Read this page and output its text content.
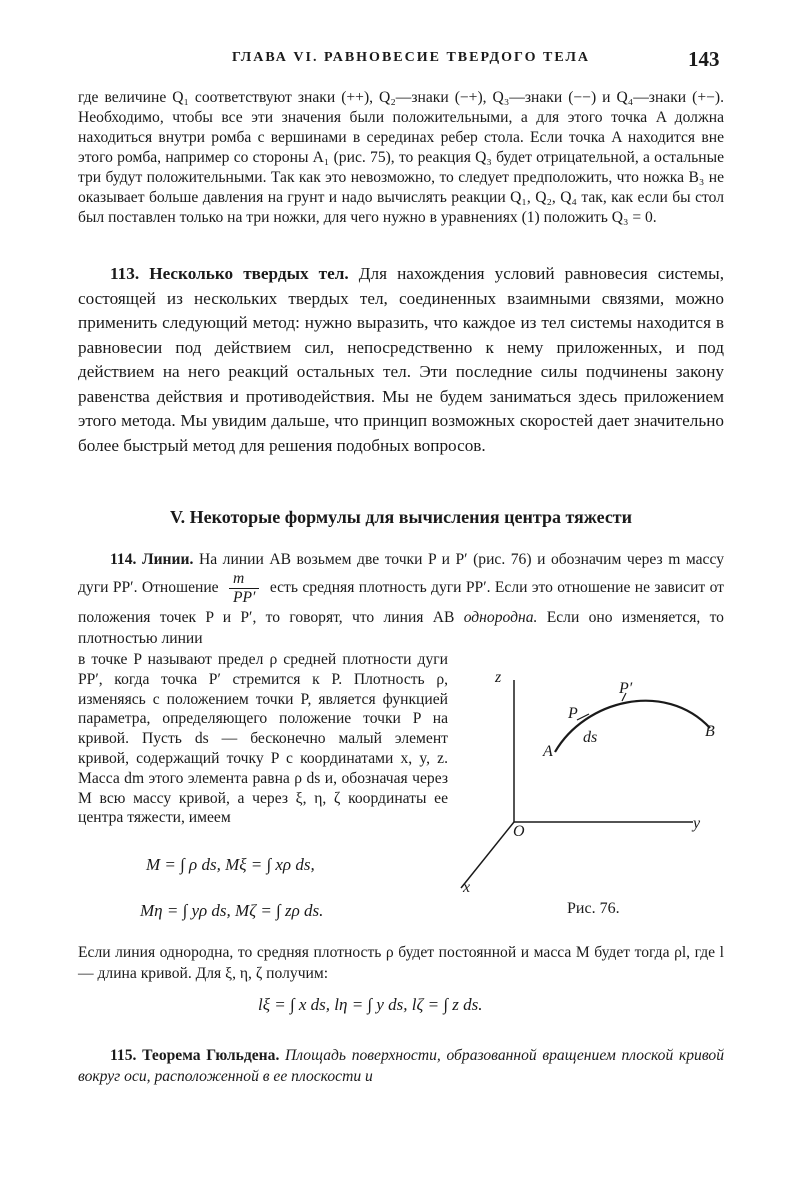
ГЛАВА VI. РАВНОВЕСИЕ ТВЕРДОГО ТЕЛА	143
где величине Q₁ соответствуют знаки (++), Q₂—знаки (−+), Q₃—знаки (−−) и Q₄—знаки (+−). Необходимо, чтобы все эти значения были положительными, а для этого точка A должна находиться внутри ромба с вершинами в серединах ребер стола. Если точка A находится вне этого ромба, например со стороны A₁ (рис. 75), то реакция Q₃ будет отрицательной, а остальные три будут положительными. Так как это невозможно, то следует предположить, что ножка B₃ не оказывает больше давления на грунт и надо вычислять реакции Q₁, Q₂, Q₄ так, как если бы стол был поставлен только на три ножки, для чего нужно в уравнениях (1) положить Q₃ = 0.
113. Несколько твердых тел. Для нахождения условий равновесия системы, состоящей из нескольких твердых тел, соединенных взаимными связями, можно применить следующий метод: нужно выразить, что каждое из тел системы находится в равновесии под действием сил, непосредственно к нему приложенных, и под действием на него реакций остальных тел. Эти последние силы подчинены закону равенства действия и противодействия. Мы не будем заниматься здесь приложением этого метода. Мы увидим дальше, что принцип возможных скоростей дает значительно более быстрый метод для решения подобных вопросов.
V. Некоторые формулы для вычисления центра тяжести
114. Линии. На линии AB возьмем две точки P и P′ (рис. 76) и обозначим через m массу дуги PP′. Отношение $\frac{m}{PP'}$ есть средняя плотность дуги PP′. Если это отношение не зависит от положения точек P и P′, то говорят, что линия AB однородна. Если оно изменяется, то плотностью линии
в точке P называют предел ρ средней плотности дуги PP′, когда точка P′ стремится к P. Плотность ρ, изменяясь с положением точки P, является функцией параметра, определяющего положение точки P на кривой. Пусть ds — бесконечно малый элемент кривой, содержащий точку P с координатами x, y, z. Масса dm этого элемента равна ρ ds и, обозначая через M всю массу кривой, а через ξ, η, ζ координаты ее центра тяжести, имеем
M = ∫ ρ ds, Mξ = ∫ xρ ds,
Mη = ∫ yρ ds, Mζ = ∫ zρ ds.
z
y
x
O
A
B
P
P′
ds
Рис. 76.
Если линия однородна, то средняя плотность ρ будет постоянной и масса M будет тогда ρl, где l — длина кривой. Для ξ, η, ζ получим:
lξ = ∫ x ds, lη = ∫ y ds, lζ = ∫ z ds.
115. Теорема Гюльдена. Площадь поверхности, образованной вращением плоской кривой вокруг оси, расположенной в ее плоскости и
